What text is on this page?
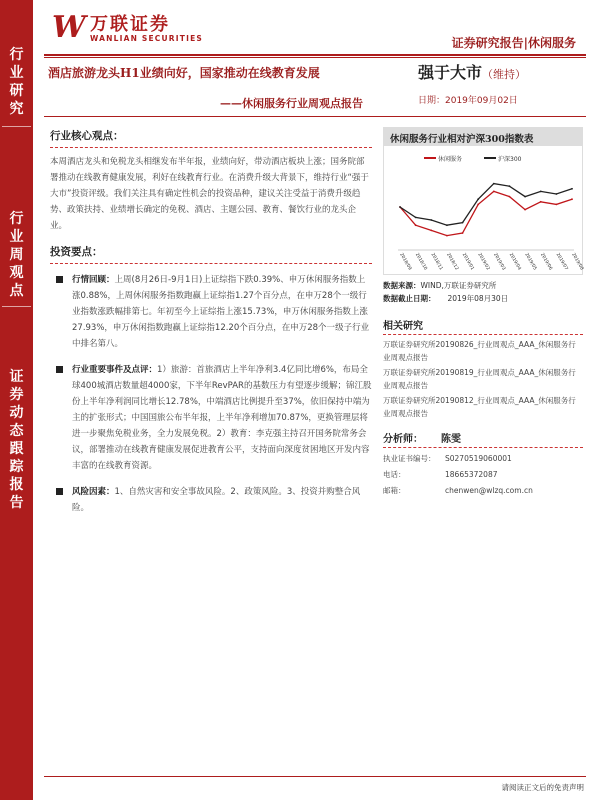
行
业
研
究
行
业
周
观
点
证
券
动
态
跟
踪
报
告
W 万联证券
WANLIAN SECURITIES	证券研究报告|休闲服务
酒店旅游龙头H1业绩向好，国家推动在线教育发展
——休闲服务行业周观点报告
强于大市（维持）
日期：2019年09月02日
行业核心观点：
本周酒店龙头和免税龙头相继发布半年报，业绩向好，带动酒店板块上涨；国务院部署推动在线教育健康发展，利好在线教育行业。在消费升级大背景下，维持行业“强于大市”投资评级。我们关注具有确定性机会的投资品种，建议关注受益于消费升级趋势、政策扶持、业绩增长确定的免税、酒店、主题公园、教育、餐饮行业的龙头企业。
投资要点：
行情回顾：上周(8月26日-9月1日)上证综指下跌0.39%、申万休闲服务指数上涨0.88%，上周休闲服务指数跑赢上证综指1.27个百分点，在申万28个一级行业指数涨跌幅排第七。年初至今上证综指上涨15.73%，申万休闲服务指数上涨27.93%，申万休闲指数跑赢上证综指12.20个百分点，在申万28个一级子行业中排名第八。
行业重要事件及点评：1）旅游：首旅酒店上半年净利3.4亿同比增6%，布局全球400城酒店数量超4000家，下半年RevPAR的基数压力有望逐步缓解；锦江股份上半年净利润同比增长12.78%，中端酒店比例提升至37%，依旧保持中端为主的扩张形式；中国国旅公布半年报，上半年净利增加70.87%，更换管理层将进一步聚焦免税业务，全力发展免税。2）教育：李克强主持召开国务院常务会议，部署推动在线教育健康发展促进教育公平，支持面向深度贫困地区开发内容丰富的在线教育资源。
风险因素：1、自然灾害和安全事故风险。2、政策风险。3、投资并购整合风险。
休闲服务行业相对沪深300指数表
休闲服务	沪深300
2018/09 2018/10 2018/11 2018/12 2019/01 2019/02 2019/03 2019/04 2019/05 2019/06 2019/07 2019/08
数据来源：WIND,万联证券研究所
数据截止日期： 2019年08月30日
相关研究
万联证券研究所20190826_行业周观点_AAA_休闲服务行业周观点报告
万联证券研究所20190819_行业周观点_AAA_休闲服务行业周观点报告
万联证券研究所20190812_行业周观点_AAA_休闲服务行业周观点报告
分析师： 陈雯
执业证书编号：	S0270519060001
电话：	18665372087
邮箱：	chenwen@wlzq.com.cn
请阅读正文后的免责声明
